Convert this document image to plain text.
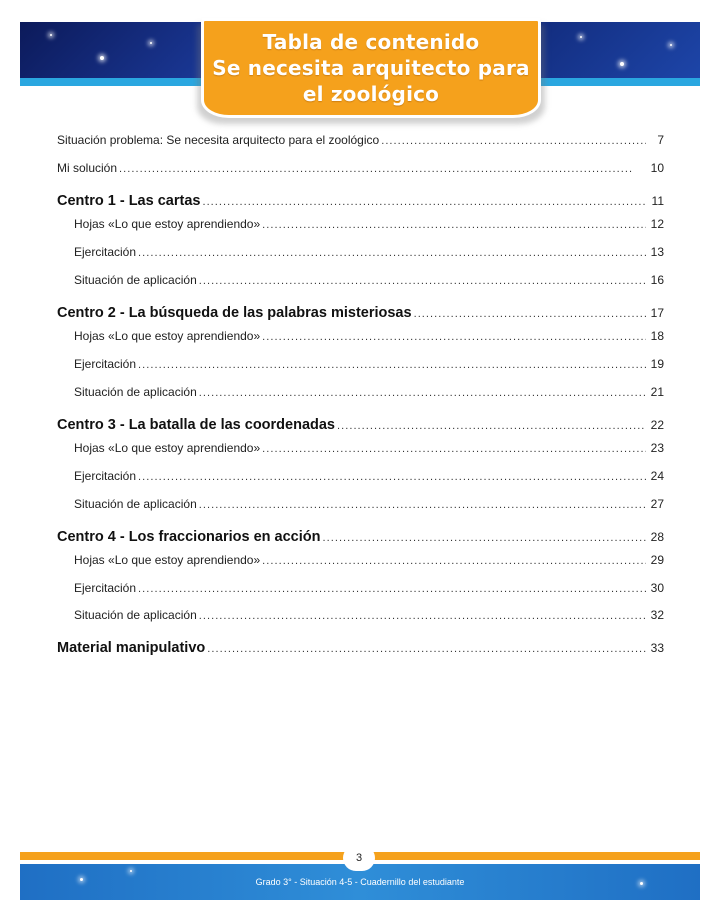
Tabla de contenido
Se necesita arquitecto para
el zoológico
Situación problema: Se necesita arquitecto para el zoológico . . .	7
Mi solución . . .	10
Centro 1 - Las cartas . . .	11
Hojas «Lo que estoy aprendiendo» . . .	12
Ejercitación . . .	13
Situación de aplicación . . .	16
Centro 2 - La búsqueda de las palabras misteriosas . . .	17
Hojas «Lo que estoy aprendiendo» . . .	18
Ejercitación . . .	19
Situación de aplicación . . .	21
Centro 3 - La batalla de las coordenadas . . .	22
Hojas «Lo que estoy aprendiendo» . . .	23
Ejercitación . . .	24
Situación de aplicación . . .	27
Centro 4 - Los fraccionarios en acción . . .	28
Hojas «Lo que estoy aprendiendo» . . .	29
Ejercitación . . .	30
Situación de aplicación . . .	32
Material manipulativo . . .	33
Grado 3° - Situación 4-5 - Cuadernillo del estudiante
3
